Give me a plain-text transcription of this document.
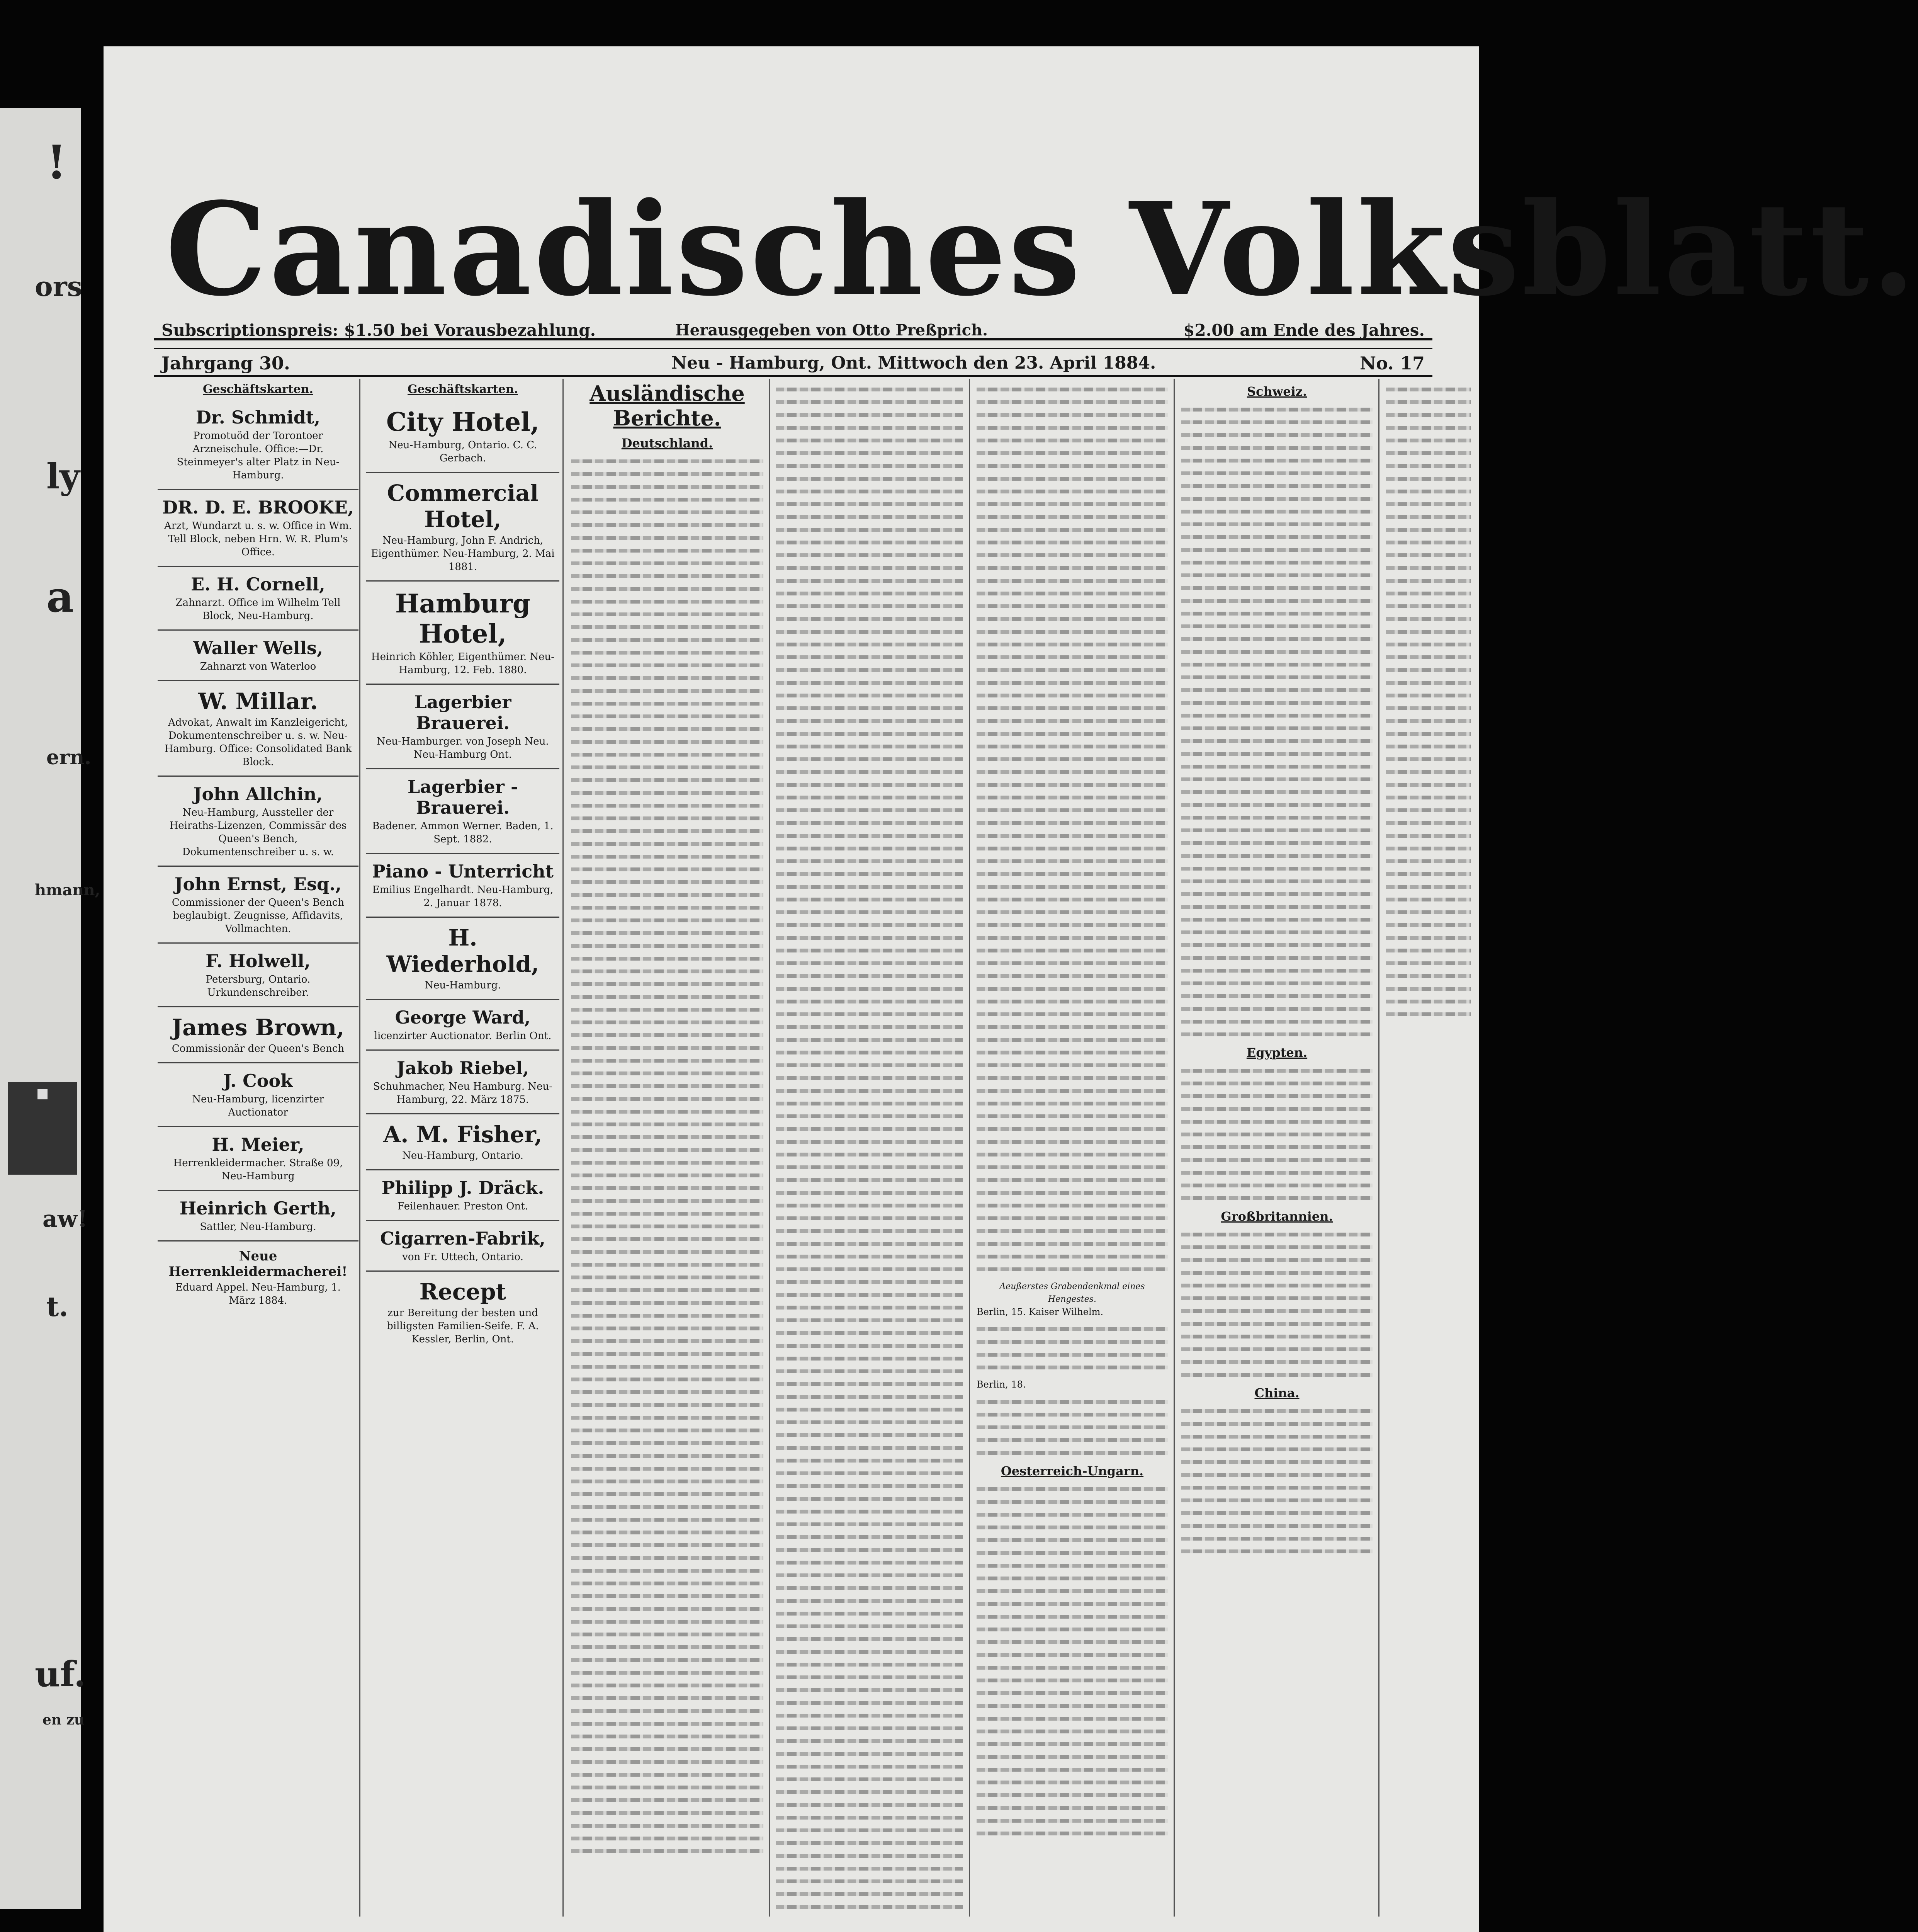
!
ors
ly
a
ern.
hmann,
■
aw!
t.
uf.
en zu
Canadisches Volksblatt.
Subscriptionspreis: $1.50 bei Vorausbezahlung.	Herausgegeben von Otto Preßprich.	$2.00 am Ende des Jahres.
Jahrgang 30.	Neu - Hamburg, Ont. Mittwoch den 23. April 1884.	No. 17
Geschäftskarten.
Dr. Schmidt,
Promotuöd der Torontoer Arzneischule. Office:—Dr. Steinmeyer's alter Platz in Neu-Hamburg.
DR. D. E. BROOKE,
Arzt, Wundarzt u. s. w. Office in Wm. Tell Block, neben Hrn. W. R. Plum's Office.
E. H. Cornell,
Zahnarzt. Office im Wilhelm Tell Block, Neu-Hamburg.
Waller Wells,
Zahnarzt von Waterloo
W. Millar.
Advokat, Anwalt im Kanzleigericht, Dokumentenschreiber u. s. w. Neu-Hamburg. Office: Consolidated Bank Block.
John Allchin,
Neu-Hamburg, Aussteller der Heiraths-Lizenzen, Commissär des Queen's Bench, Dokumentenschreiber u. s. w.
John Ernst, Esq.,
Commissioner der Queen's Bench beglaubigt. Zeugnisse, Affidavits, Vollmachten.
F. Holwell,
Petersburg, Ontario. Urkundenschreiber.
James Brown,
Commissionär der Queen's Bench
J. Cook
Neu-Hamburg, licenzirter Auctionator
H. Meier,
Herrenkleidermacher. Straße 09, Neu-Hamburg
Heinrich Gerth,
Sattler, Neu-Hamburg.
Neue Herrenkleidermacherei!
Eduard Appel. Neu-Hamburg, 1. März 1884.
Geschäftskarten.
City Hotel,
Neu-Hamburg, Ontario. C. C. Gerbach.
Commercial Hotel,
Neu-Hamburg, John F. Andrich, Eigenthümer. Neu-Hamburg, 2. Mai 1881.
Hamburg Hotel,
Heinrich Köhler, Eigenthümer. Neu-Hamburg, 12. Feb. 1880.
Lagerbier Brauerei.
Neu-Hamburger. von Joseph Neu. Neu-Hamburg Ont.
Lagerbier - Brauerei.
Badener. Ammon Werner. Baden, 1. Sept. 1882.
Piano - Unterricht
Emilius Engelhardt. Neu-Hamburg, 2. Januar 1878.
H. Wiederhold,
Neu-Hamburg.
George Ward,
licenzirter Auctionator. Berlin Ont.
Jakob Riebel,
Schuhmacher, Neu Hamburg. Neu-Hamburg, 22. März 1875.
A. M. Fisher,
Neu-Hamburg, Ontario.
Philipp J. Dräck.
Feilenhauer. Preston Ont.
Cigarren-Fabrik,
von Fr. Uttech, Ontario.
Recept
zur Bereitung der besten und billigsten Familien-Seife. F. A. Kessler, Berlin, Ont.
Ausländische Berichte.
Deutschland.
Aeußerstes Grabendenkmal eines Hengestes.
Berlin, 15. Kaiser Wilhelm.
Berlin, 18.
Oesterreich-Ungarn.
Schweiz.
Egypten.
Großbritannien.
China.
